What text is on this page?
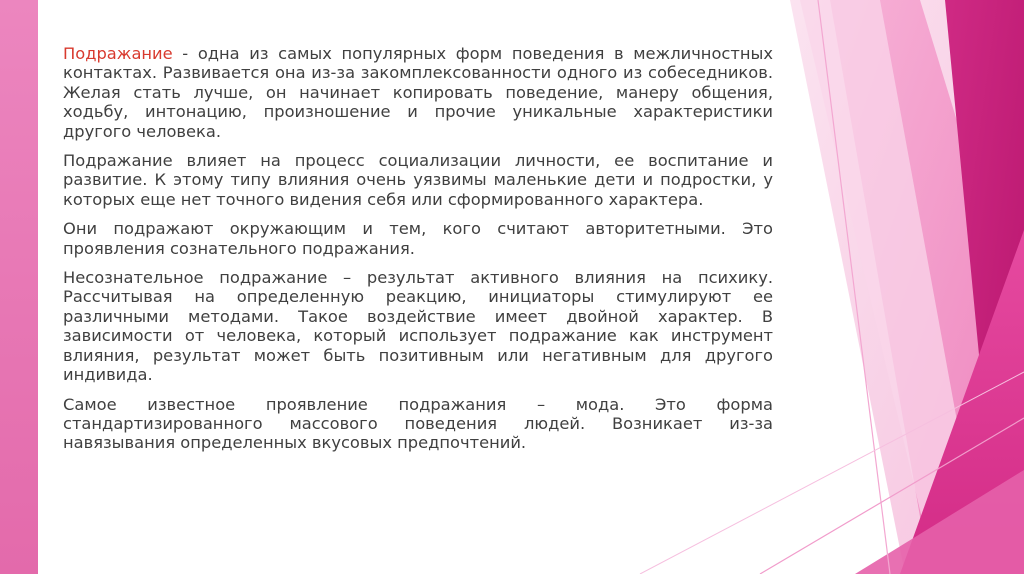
Подражание - одна из самых популярных форм поведения в межличностных контактах. Развивается она из-за закомплексованности одного из собеседников. Желая стать лучше, он начинает копировать поведение, манеру общения, ходьбу, интонацию, произношение и прочие уникальные характеристики другого человека.

Подражание влияет на процесс социализации личности, ее воспитание и развитие. К этому типу влияния очень уязвимы маленькие дети и подростки, у которых еще нет точного видения себя или сформированного характера.

Они подражают окружающим и тем, кого считают авторитетными. Это проявления сознательного подражания.

Несознательное подражание – результат активного влияния на психику. Рассчитывая на определенную реакцию, инициаторы стимулируют ее различными методами. Такое воздействие имеет двойной характер. В зависимости от человека, который использует подражание как инструмент влияния, результат может быть позитивным или негативным для другого индивида.

Самое известное проявление подражания – мода. Это форма стандартизированного массового поведения людей. Возникает из-за навязывания определенных вкусовых предпочтений.
